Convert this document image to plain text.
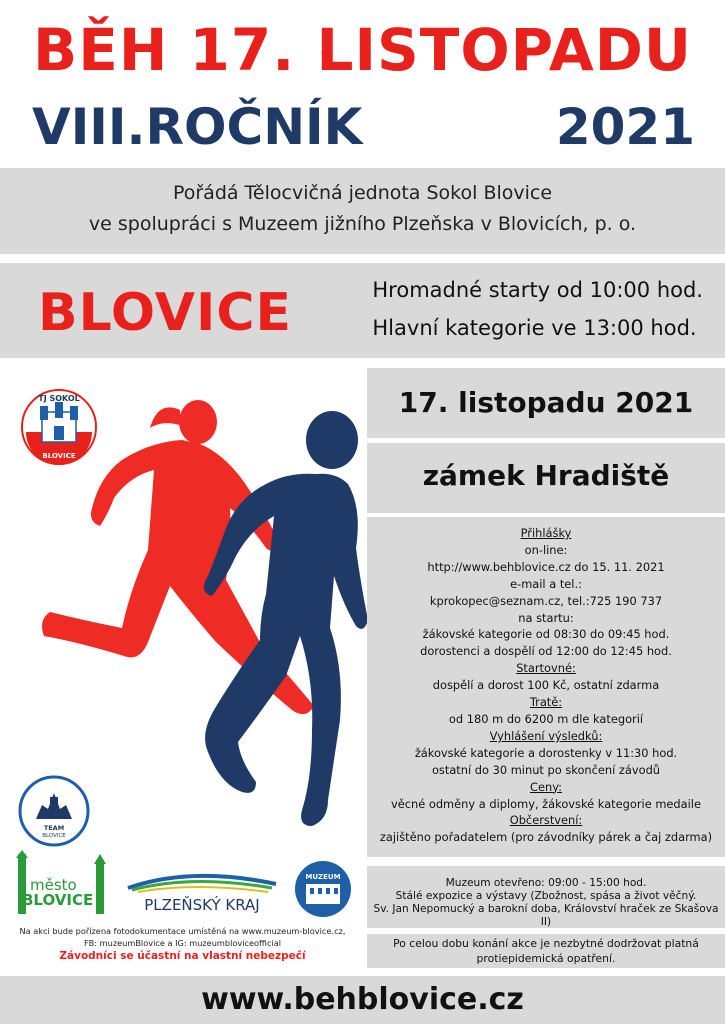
BĚH 17. LISTOPADU
VIII.ROČNÍK	2021
Pořádá Tělocvičná jednota Sokol Blovice
ve spolupráci s Muzeem jižního Plzeňska v Blovicích, p. o.
BLOVICE	Hromadné starty od 10:00 hod.
Hlavní kategorie ve 13:00 hod.
TJ SOKOL
BLOVICE
TEAM
BLOVICE
město
BLOVICE	PLZEŇSKÝ KRAJ
MUZEUM
Na akci bude pořízena fotodokumentace umístěná na www.muzeum-blovice.cz,
FB: muzeumBlovice a IG: muzeumbloviceofficial
Závodníci se účastní na vlastní nebezpečí
17. listopadu 2021
zámek Hradiště
Přihlášky
on-line:
http://www.behblovice.cz do 15. 11. 2021
e-mail a tel.:
kprokopec@seznam.cz, tel.:725 190 737
na startu:
žákovské kategorie od 08:30 do 09:45 hod.
dorostenci a dospělí od 12:00 do 12:45 hod.
Startovné:
dospělí a dorost 100 Kč, ostatní zdarma
Tratě:
od 180 m do 6200 m dle kategorií
Vyhlášení výsledků:
žákovské kategorie a dorostenky v 11:30 hod.
ostatní do 30 minut po skončení závodů
Ceny:
věcné odměny a diplomy, žákovské kategorie medaile
Občerstvení:
zajištěno pořadatelem (pro závodníky párek a čaj zdarma)
Muzeum otevřeno: 09:00 - 15:00 hod.
Stálé expozice a výstavy (Zbožnost, spása a život věčný.
Sv. Jan Nepomucký a barokní doba, Království hraček ze Skašova II)
Po celou dobu konání akce je nezbytné dodržovat platná
protiepidemická opatření.
www.behblovice.cz
